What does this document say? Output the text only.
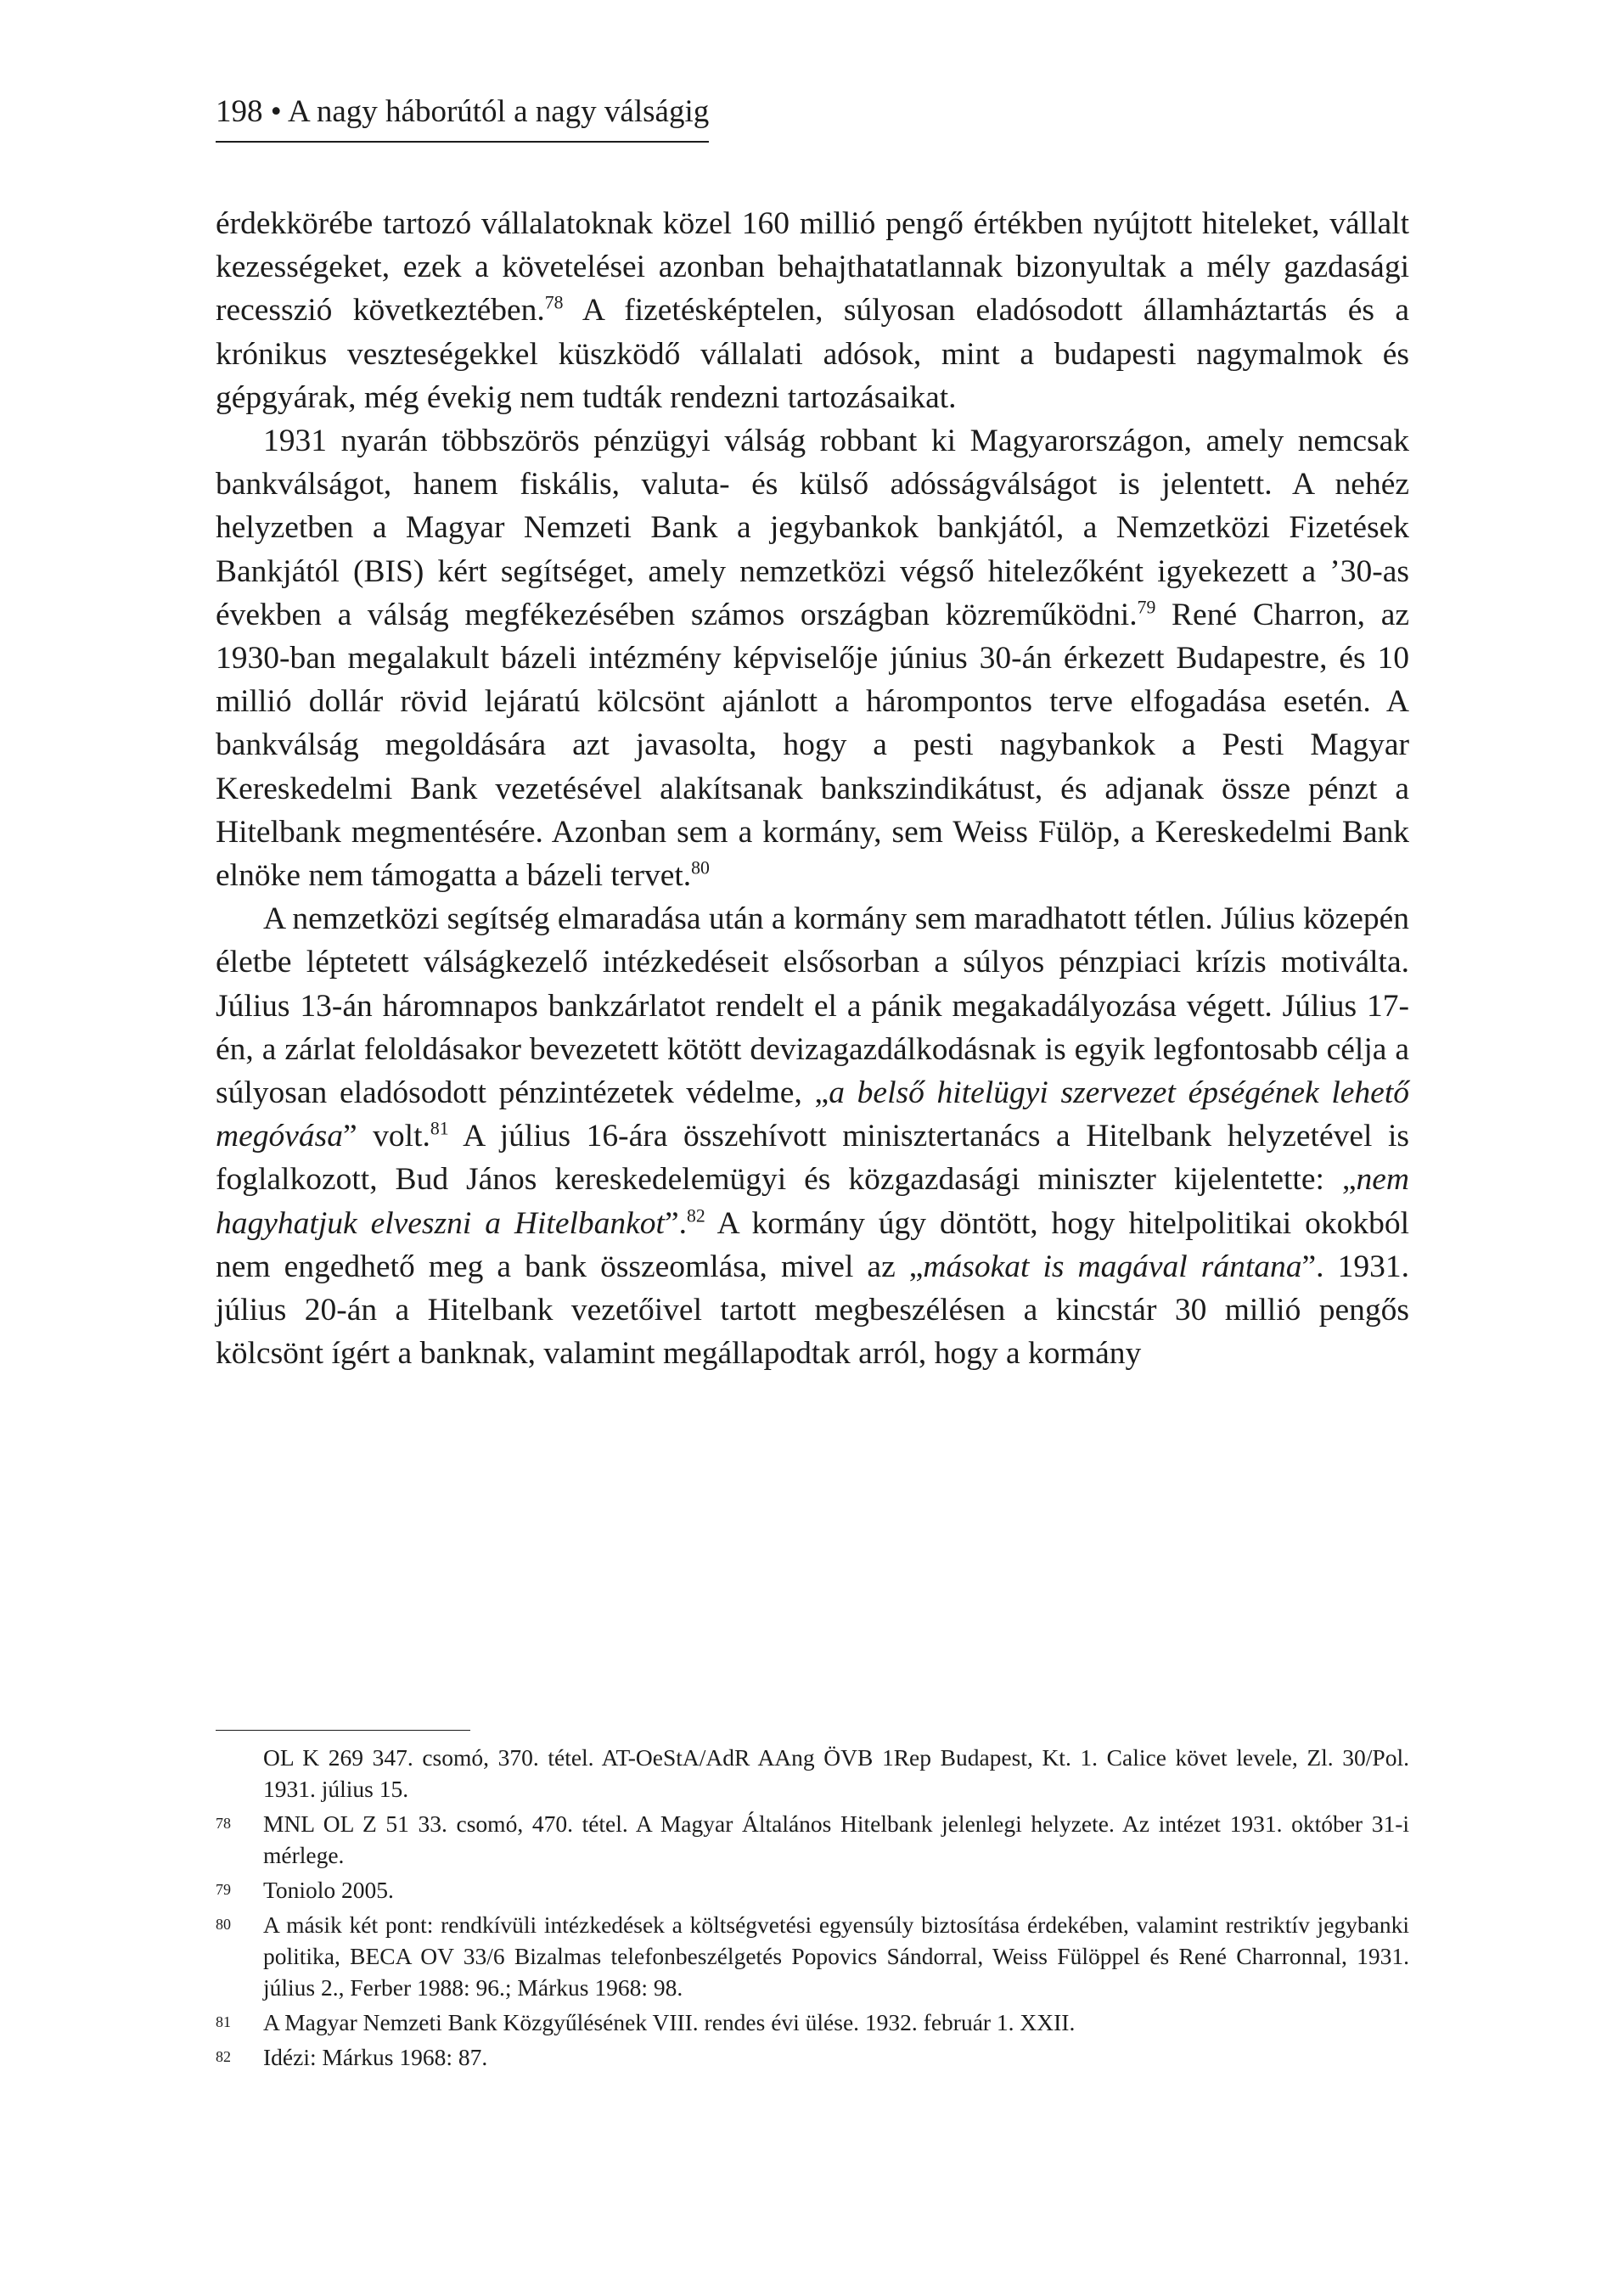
198 • A nagy háborútól a nagy válságig

érdekkörébe tartozó vállalatoknak közel 160 millió pengő értékben nyújtott hiteleket, vállalt kezességeket, ezek a követelései azonban behajthatatlannak bizonyultak a mély gazdasági recesszió következtében.$^{78}$ A fizetésképtelen, súlyosan eladósodott államháztartás és a krónikus veszteségekkel küszködő vállalati adósok, mint a budapesti nagymalmok és gépgyárak, még évekig nem tudták rendezni tartozásaikat.

1931 nyarán többszörös pénzügyi válság robbant ki Magyarországon, amely nemcsak bankválságot, hanem fiskális, valuta- és külső adósságválságot is jelentett. A nehéz helyzetben a Magyar Nemzeti Bank a jegybankok bankjától, a Nemzetközi Fizetések Bankjától (BIS) kért segítséget, amely nemzetközi végső hitelezőként igyekezett a ’30-as években a válság megfékezésében számos országban közreműködni.$^{79}$ René Charron, az 1930-ban megalakult bázeli intézmény képviselője június 30-án érkezett Budapestre, és 10 millió dollár rövid lejáratú kölcsönt ajánlott a hárompontos terve elfogadása esetén. A bankválság megoldására azt javasolta, hogy a pesti nagybankok a Pesti Magyar Kereskedelmi Bank vezetésével alakítsanak bankszindikátust, és adjanak össze pénzt a Hitelbank megmentésére. Azonban sem a kormány, sem Weiss Fülöp, a Kereskedelmi Bank elnöke nem támogatta a bázeli tervet.$^{80}$

A nemzetközi segítség elmaradása után a kormány sem maradhatott tétlen. Július közepén életbe léptetett válságkezelő intézkedéseit elsősorban a súlyos pénzpiaci krízis motiválta. Július 13-án háromnapos bankzárlatot rendelt el a pánik megakadályozása végett. Július 17-én, a zárlat feloldásakor bevezetett kötött devizagazdálkodásnak is egyik legfontosabb célja a súlyosan eladósodott pénzintézetek védelme, „a belső hitelügyi szervezet épségének lehető megóvása” volt.$^{81}$ A július 16-ára összehívott minisztertanács a Hitelbank helyzetével is foglalkozott, Bud János kereskedelemügyi és közgazdasági miniszter kijelentette: „nem hagyhatjuk elveszni a Hitelbankot”.$^{82}$ A kormány úgy döntött, hogy hitelpolitikai okokból nem engedhető meg a bank összeomlása, mivel az „másokat is magával rántana”. 1931. július 20-án a Hitelbank vezetőivel tartott megbeszélésen a kincstár 30 millió pengős kölcsönt ígért a banknak, valamint megállapodtak arról, hogy a kormány

OL K 269 347. csomó, 370. tétel. AT-OeStA/AdR AAng ÖVB 1Rep Budapest, Kt. 1. Calice követ levele, Zl. 30/Pol. 1931. július 15.
78	MNL OL Z 51 33. csomó, 470. tétel. A Magyar Általános Hitelbank jelenlegi helyzete. Az intézet 1931. október 31-i mérlege.
79	Toniolo 2005.
80	A másik két pont: rendkívüli intézkedések a költségvetési egyensúly biztosítása érdekében, valamint restriktív jegybanki politika, BECA OV 33/6 Bizalmas telefonbeszélgetés Popovics Sándorral, Weiss Fülöppel és René Charronnal, 1931. július 2., Ferber 1988: 96.; Márkus 1968: 98.
81	A Magyar Nemzeti Bank Közgyűlésének VIII. rendes évi ülése. 1932. február 1. XXII.
82	Idézi: Márkus 1968: 87.
